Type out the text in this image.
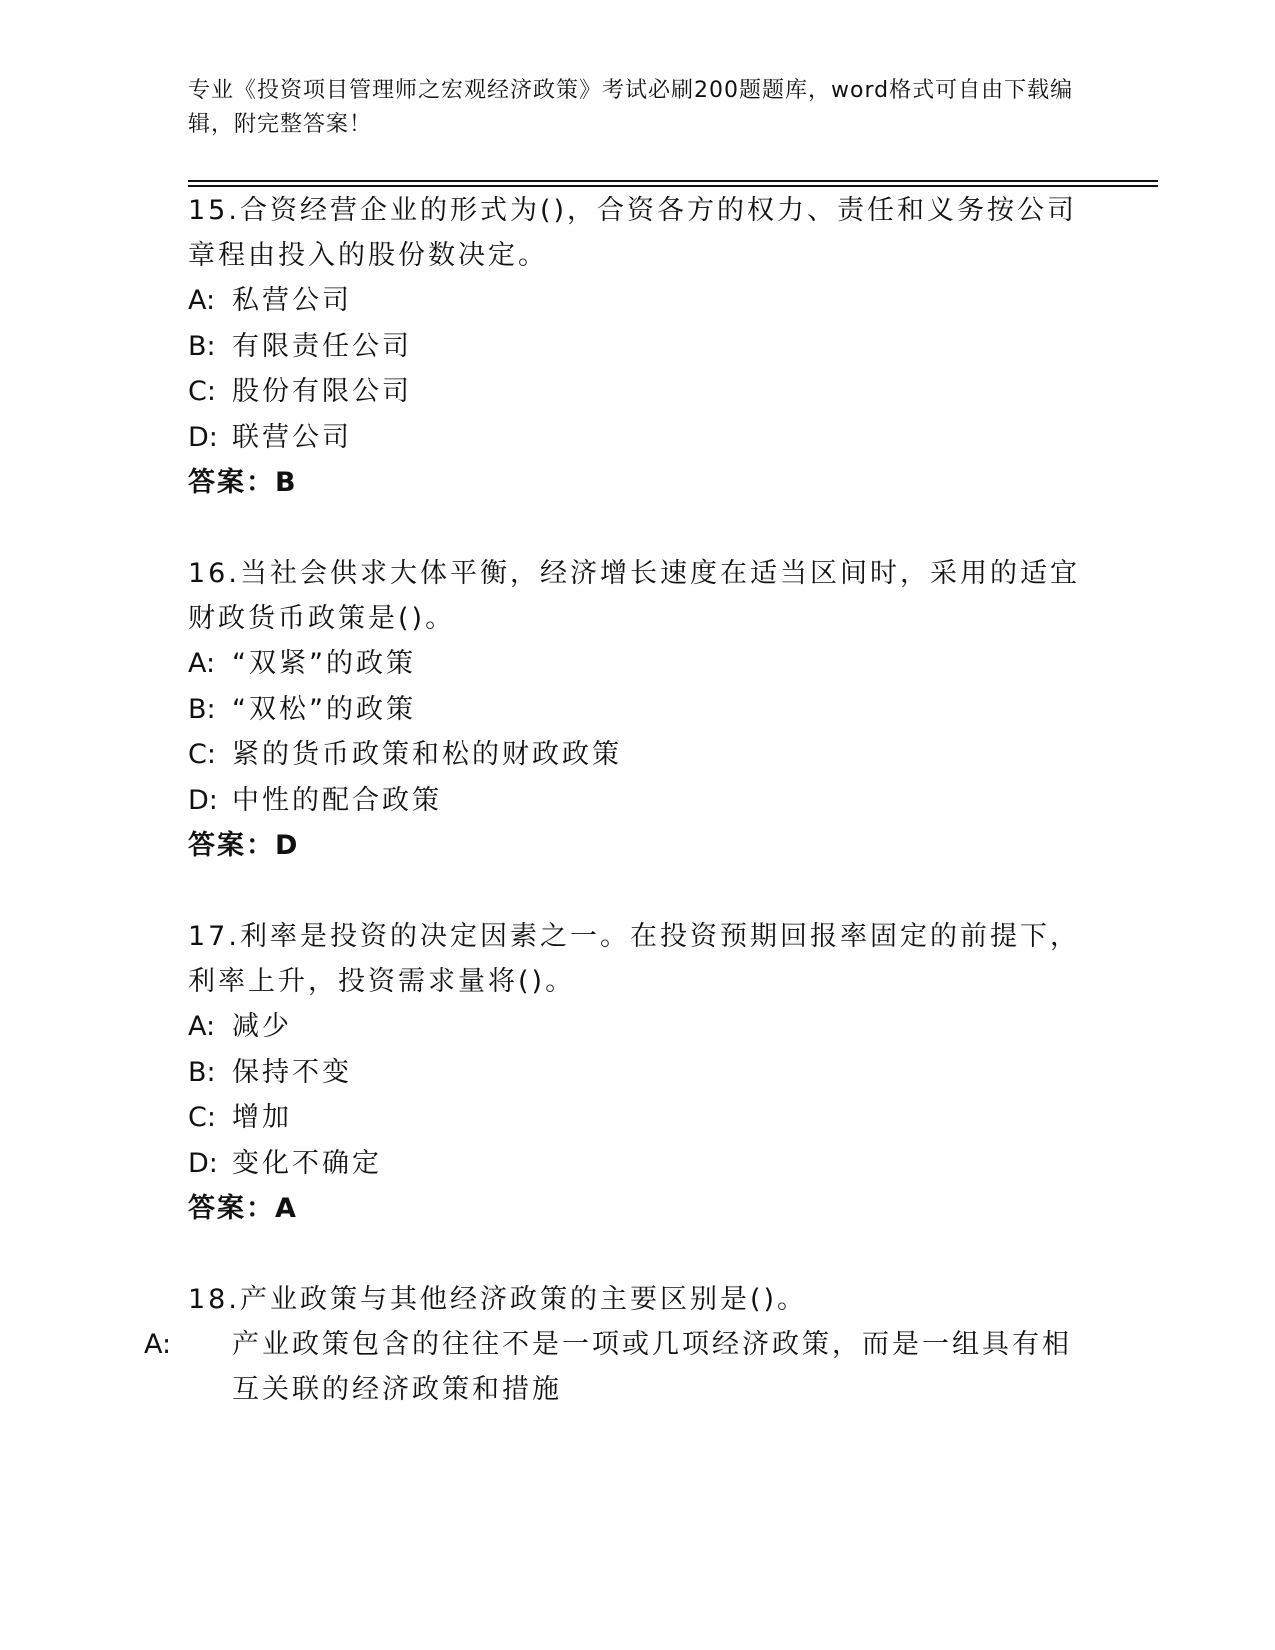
专业《投资项目管理师之宏观经济政策》考试必刷200题题库，word格式可自由下载编辑，附完整答案！
15.合资经营企业的形式为()，合资各方的权力、责任和义务按公司章程由投入的股份数决定。
A: 私营公司
B: 有限责任公司
C: 股份有限公司
D: 联营公司
答案：B
16.当社会供求大体平衡，经济增长速度在适当区间时，采用的适宜财政货币政策是()。
A: “双紧”的政策
B: “双松”的政策
C: 紧的货币政策和松的财政政策
D: 中性的配合政策
答案：D
17.利率是投资的决定因素之一。在投资预期回报率固定的前提下，利率上升，投资需求量将()。
A: 减少
B: 保持不变
C: 增加
D: 变化不确定
答案：A
18.产业政策与其他经济政策的主要区别是()。
A: 产业政策包含的往往不是一项或几项经济政策，而是一组具有相互关联的经济政策和措施
